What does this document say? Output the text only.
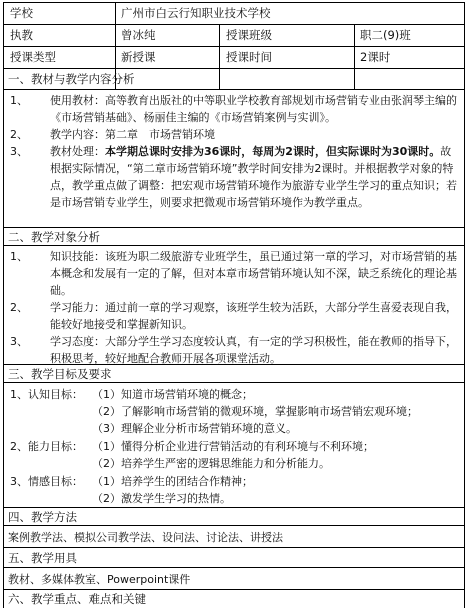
学校	广州市白云行知职业技术学校
执教	曾冰纯	授课班级	职二(9)班
授课类型	新授课	授课时间	2课时
一、教材与教学内容分析
1、 使用教材：高等教育出版社的中等职业学校教育部规划市场营销专业由张润琴主编的《市场营销基础》、杨丽佳主编的《市场营销案例与实训》。
2、 教学内容：第二章　市场营销环境
3、 教材处理：本学期总课时安排为36课时，每周为2课时，但实际课时为30课时。故根据实际情况，“第二章市场营销环境”教学时间安排为2课时。并根据教学对象的特点，教学重点做了调整：把宏观市场营销环境作为旅游专业学生学习的重点知识；若是市场营销专业学生，则要求把微观市场营销环境作为教学重点。
二、教学对象分析
1、 知识技能：该班为职二级旅游专业班学生，虽已通过第一章的学习，对市场营销的基本概念和发展有一定的了解，但对本章市场营销环境认知不深，缺乏系统化的理论基础。
2、 学习能力：通过前一章的学习观察，该班学生较为活跃，大部分学生喜爱表现自我，能较好地接受和掌握新知识。
3、 学习态度：大部分学生学习态度较认真，有一定的学习积极性，能在教师的指导下，积极思考，较好地配合教师开展各项课堂活动。
三、教学目标及要求
1、认知目标： （1）知道市场营销环境的概念；
（2）了解影响市场营销的微观环境，掌握影响市场营销宏观环境；
（3）理解企业分析市场营销环境的意义。
2、能力目标： （1）懂得分析企业进行营销活动的有利环境与不利环境；
（2）培养学生严密的逻辑思维能力和分析能力。
3、情感目标： （1）培养学生的团结合作精神；
（2）激发学生学习的热情。
四、教学方法
案例教学法、模拟公司教学法、设问法、讨论法、讲授法
五、教学用具
教材、多媒体教室、Powerpoint课件
六、教学重点、难点和关键
